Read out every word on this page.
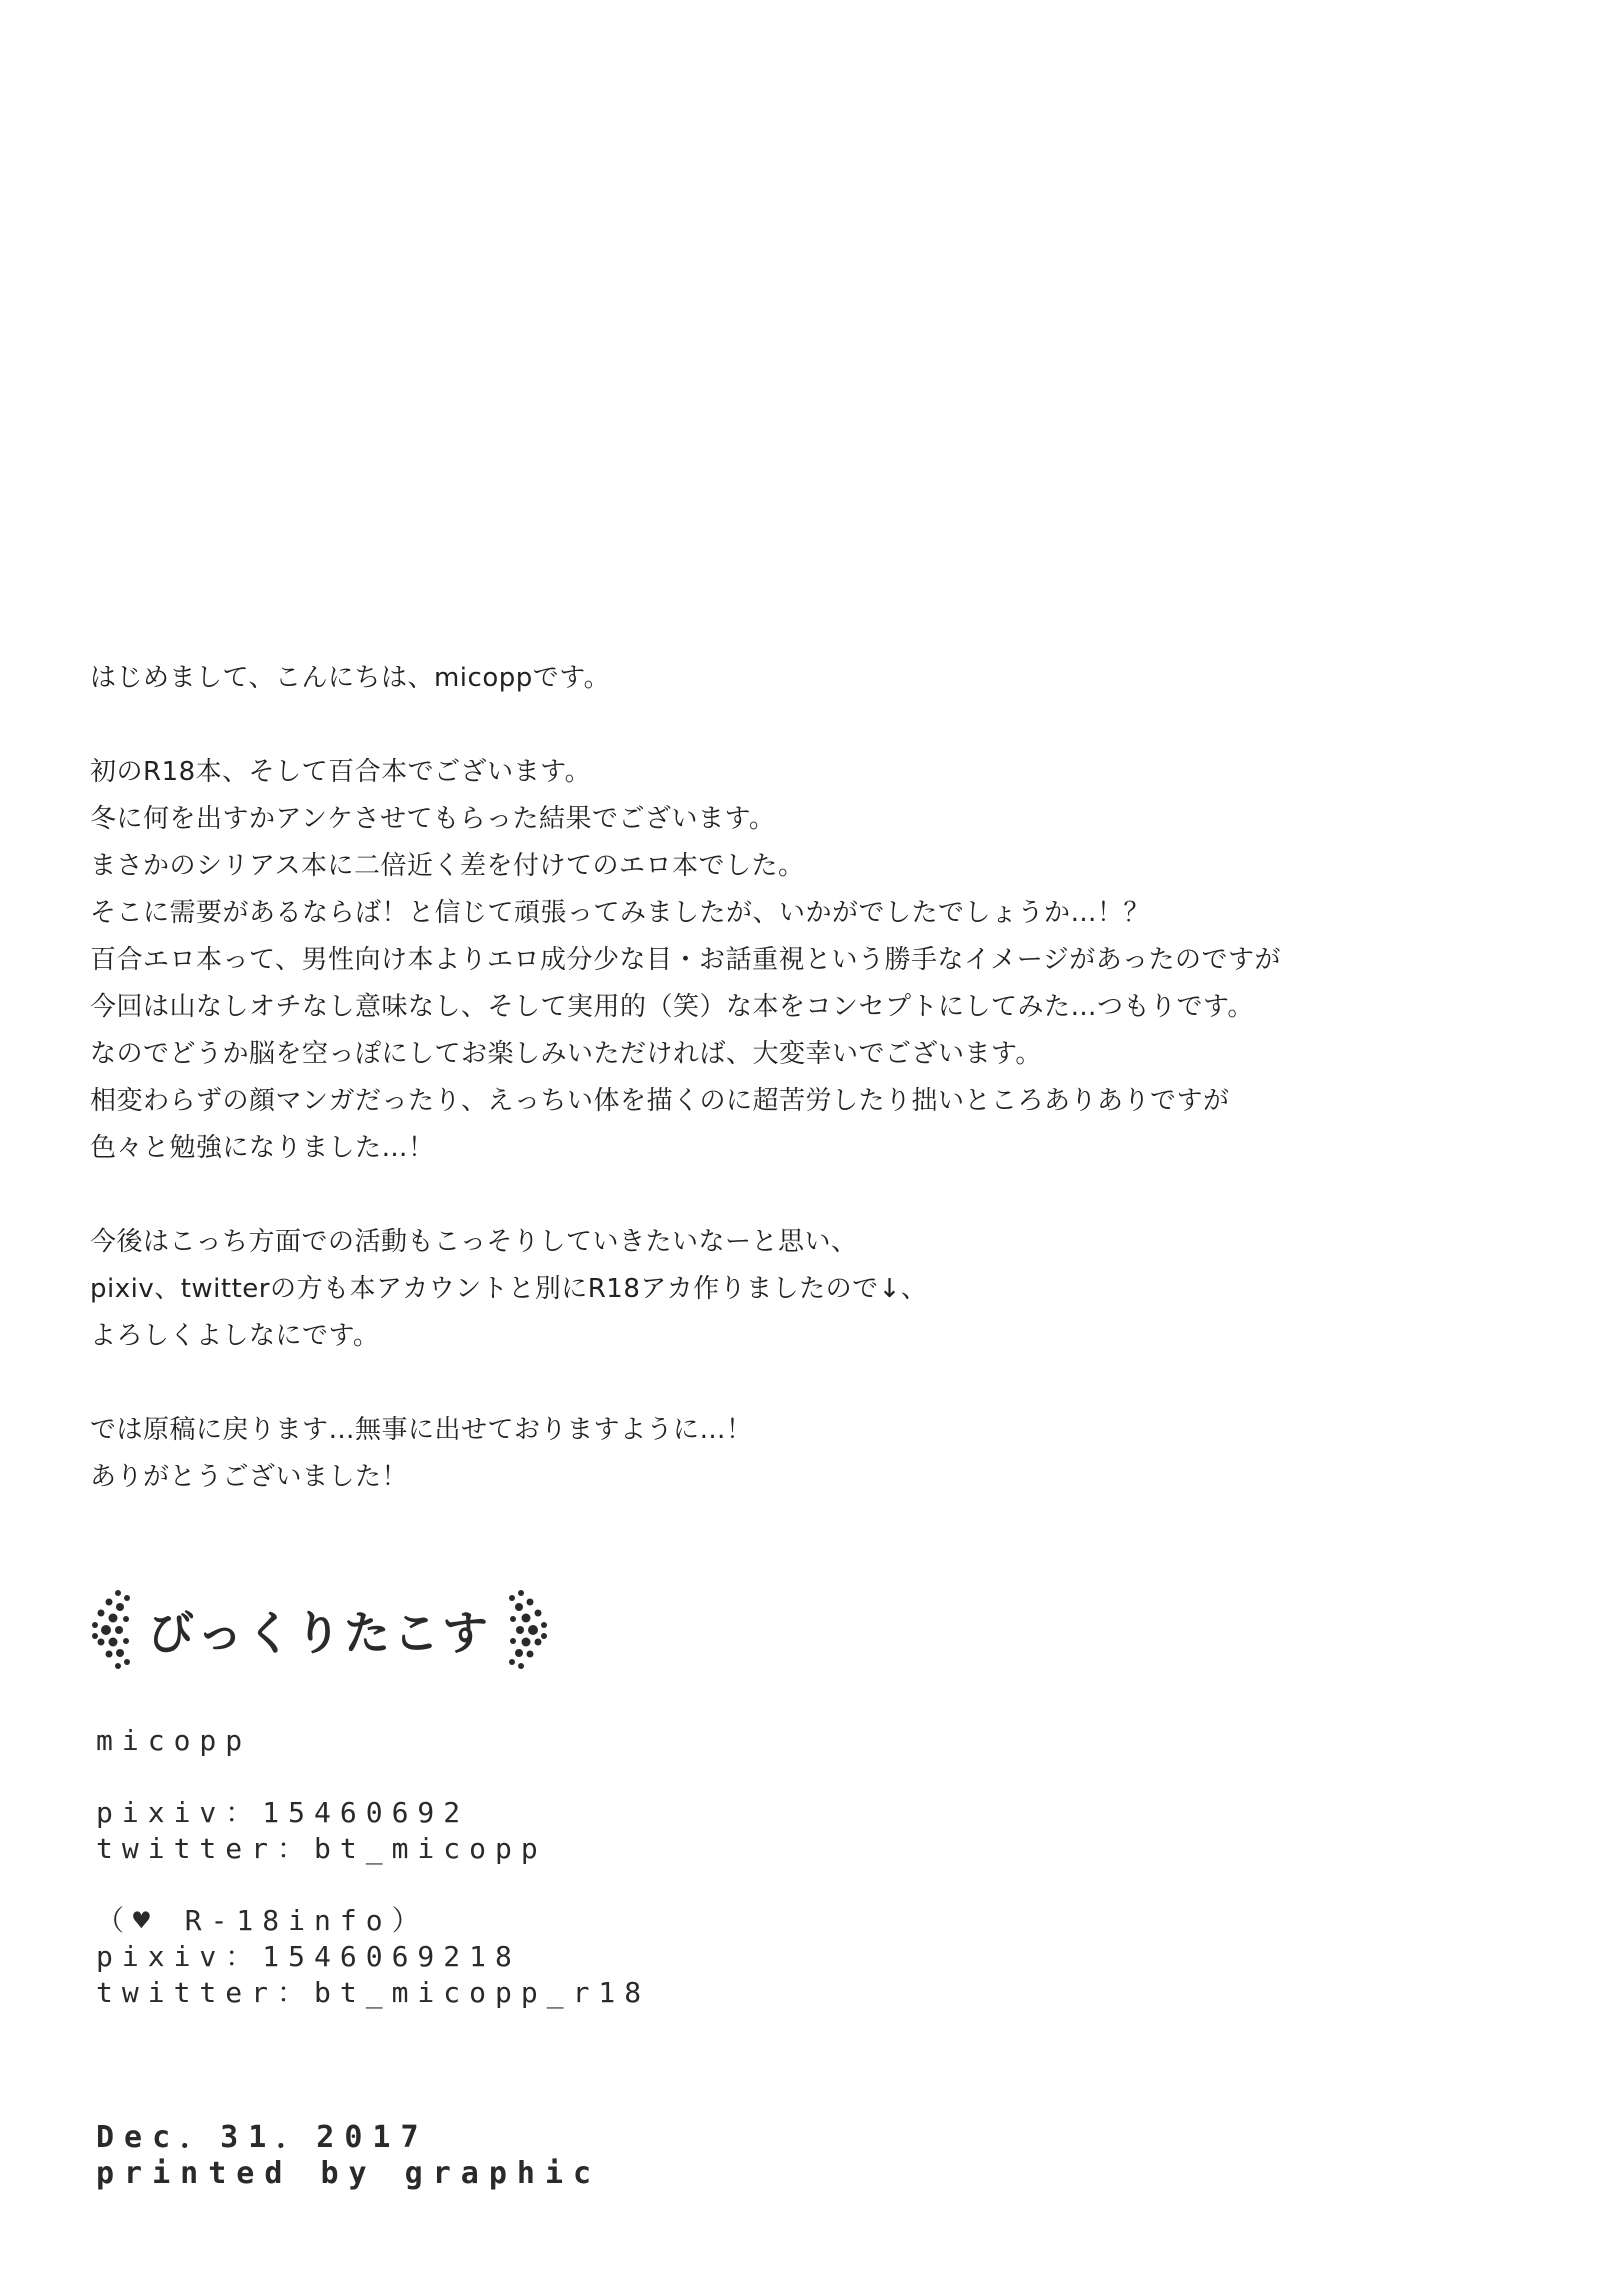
はじめまして、こんにちは、micoppです。

初のR18本、そして百合本でございます。
冬に何を出すかアンケさせてもらった結果でございます。
まさかのシリアス本に二倍近く差を付けてのエロ本でした。
そこに需要があるならば！と信じて頑張ってみましたが、いかがでしたでしょうか…！？
百合エロ本って、男性向け本よりエロ成分少な目・お話重視という勝手なイメージがあったのですが
今回は山なしオチなし意味なし、そして実用的（笑）な本をコンセプトにしてみた…つもりです。
なのでどうか脳を空っぽにしてお楽しみいただければ、大変幸いでございます。
相変わらずの顔マンガだったり、えっちい体を描くのに超苦労したり拙いところありありですが
色々と勉強になりました…！

今後はこっち方面での活動もこっそりしていきたいなーと思い、
pixiv、twitterの方も本アカウントと別にR18アカ作りましたので↓、
よろしくよしなにです。

では原稿に戻ります…無事に出せておりますように…！
ありがとうございました！

びっくりたこす
micopp
pixiv：15460692
twitter：bt_micopp
（♥ R-18info）
pixiv：1546069218
twitter：bt_micopp_r18
Dec．31．2017
printed by graphic
